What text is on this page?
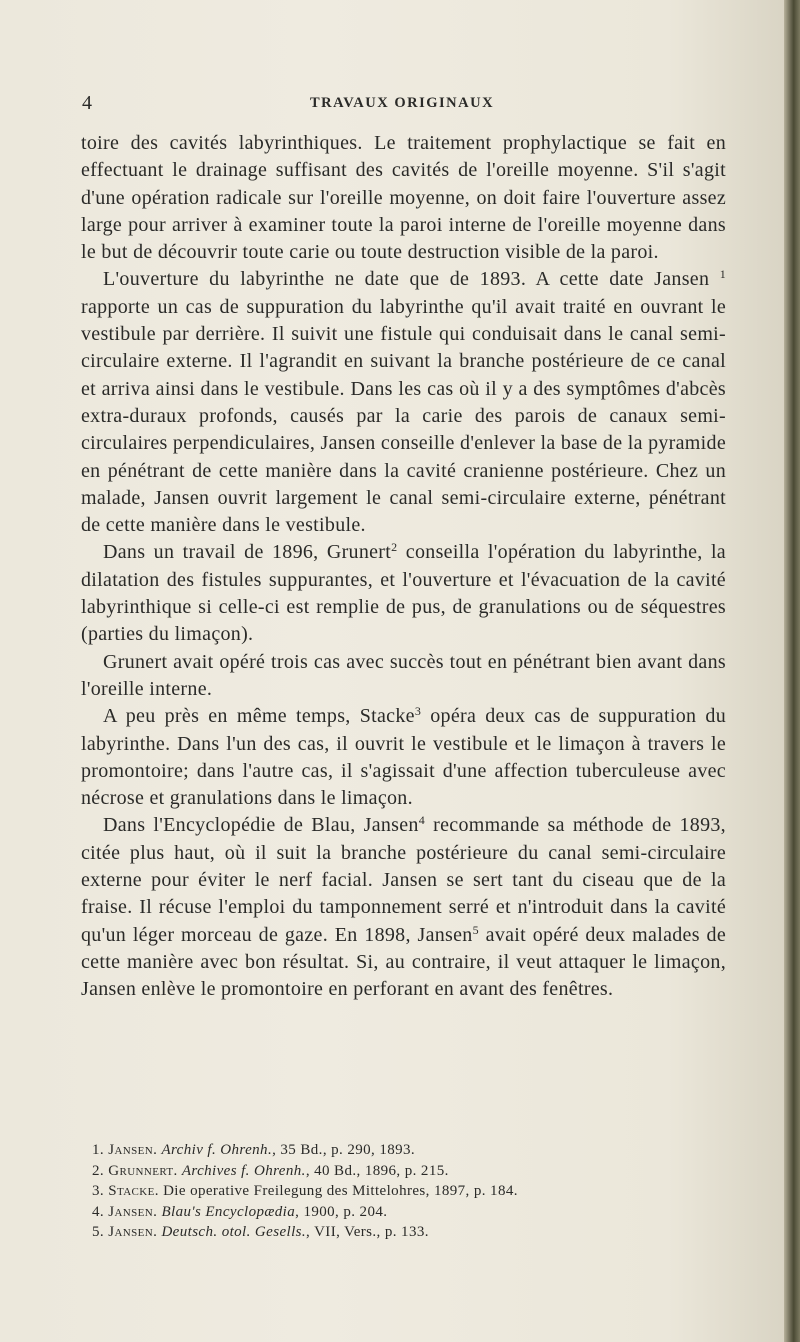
4	TRAVAUX ORIGINAUX

toire des cavités labyrinthiques. Le traitement prophylactique se fait en effectuant le drainage suffisant des cavités de l'oreille moyenne. S'il s'agit d'une opération radicale sur l'oreille moyenne, on doit faire l'ouverture assez large pour arriver à examiner toute la paroi interne de l'oreille moyenne dans le but de découvrir toute carie ou toute destruction visible de la paroi.

L'ouverture du labyrinthe ne date que de 1893. A cette date Jansen $^1$ rapporte un cas de suppuration du labyrinthe qu'il avait traité en ouvrant le vestibule par derrière. Il suivit une fistule qui conduisait dans le canal semi-circulaire externe. Il l'agrandit en suivant la branche postérieure de ce canal et arriva ainsi dans le vestibule. Dans les cas où il y a des symptômes d'abcès extra-duraux profonds, causés par la carie des parois de canaux semi-circulaires perpendiculaires, Jansen conseille d'enlever la base de la pyramide en pénétrant de cette manière dans la cavité cranienne postérieure. Chez un malade, Jansen ouvrit largement le canal semi-circulaire externe, pénétrant de cette manière dans le vestibule.

Dans un travail de 1896, Grunert$^2$ conseilla l'opération du labyrinthe, la dilatation des fistules suppurantes, et l'ouverture et l'évacuation de la cavité labyrinthique si celle-ci est remplie de pus, de granulations ou de séquestres (parties du limaçon).

Grunert avait opéré trois cas avec succès tout en pénétrant bien avant dans l'oreille interne.

A peu près en même temps, Stacke$^3$ opéra deux cas de suppuration du labyrinthe. Dans l'un des cas, il ouvrit le vestibule et le limaçon à travers le promontoire; dans l'autre cas, il s'agissait d'une affection tuberculeuse avec nécrose et granulations dans le limaçon.

Dans l'Encyclopédie de Blau, Jansen$^4$ recommande sa méthode de 1893, citée plus haut, où il suit la branche postérieure du canal semi-circulaire externe pour éviter le nerf facial. Jansen se sert tant du ciseau que de la fraise. Il récuse l'emploi du tamponnement serré et n'introduit dans la cavité qu'un léger morceau de gaze. En 1898, Jansen$^5$ avait opéré deux malades de cette manière avec bon résultat. Si, au contraire, il veut attaquer le limaçon, Jansen enlève le promontoire en perforant en avant des fenêtres.

1. Jansen. Archiv f. Ohrenh., 35 Bd., p. 290, 1893.

2. Grunnert. Archives f. Ohrenh., 40 Bd., 1896, p. 215.

3. Stacke. Die operative Freilegung des Mittelohres, 1897, p. 184.

4. Jansen. Blau's Encyclopædia, 1900, p. 204.

5. Jansen. Deutsch. otol. Gesells., VII, Vers., p. 133.
